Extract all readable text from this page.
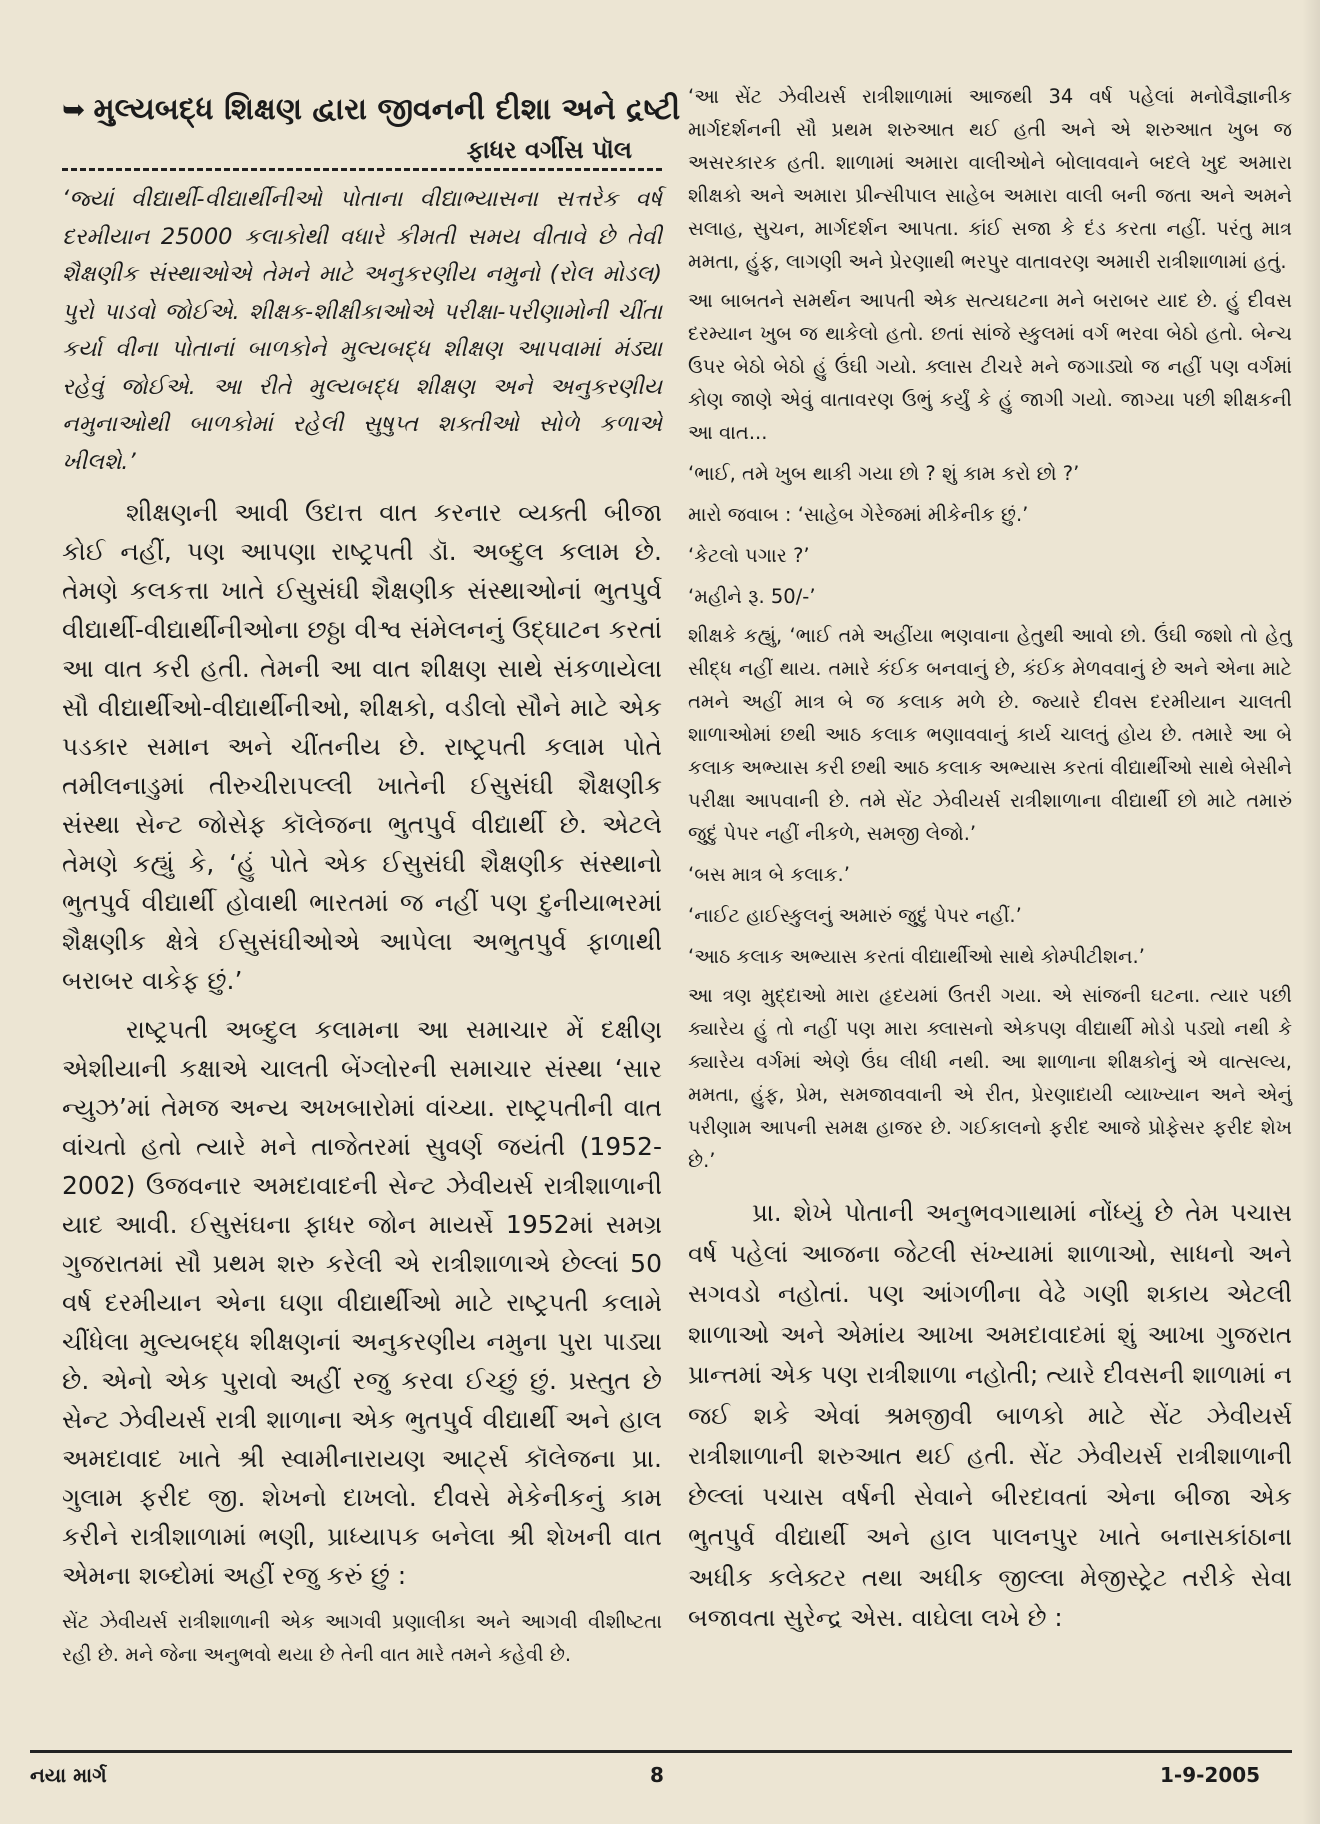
➥ મુલ્યબદ્ધ શિક્ષણ દ્વારા જીવનની દીશા અને દ્રષ્ટી
ફાધર વર્ગીસ પૉલ

‘જ્યાં વીદ્યાર્થી-વીદ્યાર્થીનીઓ પોતાના વીદ્યાભ્યાસના સત્તરેક વર્ષ દરમીયાન 25000 કલાકોથી વધારે કીમતી સમય વીતાવે છે તેવી શૈક્ષણીક સંસ્થાઓએ તેમને માટે અનુકરણીય નમુનો (રોલ મોડલ) પુરો પાડવો જોઈએ. શીક્ષક-શીક્ષીકાઓએ પરીક્ષા-પરીણામોની ચીંતા કર્યા વીના પોતાનાં બાળકોને મુલ્યબદ્ધ શીક્ષણ આપવામાં મંડ્યા રહેવું જોઈએ. આ રીતે મુલ્યબદ્ધ શીક્ષણ અને અનુકરણીય નમુનાઓથી બાળકોમાં રહેલી સુષુપ્ત શક્તીઓ સોળે કળાએ ખીલશે.’

શીક્ષણની આવી ઉદાત્ત વાત કરનાર વ્યક્તી બીજા કોઈ નહીં, પણ આપણા રાષ્ટ્રપતી ડૉ. અબ્દુલ કલામ છે. તેમણે કલકત્તા ખાતે ઈસુસંઘી શૈક્ષણીક સંસ્થાઓનાં ભુતપુર્વ વીદ્યાર્થી-વીદ્યાર્થીનીઓના છઠ્ઠા વીશ્વ સંમેલનનું ઉદ્ઘાટન કરતાં આ વાત કરી હતી. તેમની આ વાત શીક્ષણ સાથે સંકળાયેલા સૌ વીદ્યાર્થીઓ-વીદ્યાર્થીનીઓ, શીક્ષકો, વડીલો સૌને માટે એક પડકાર સમાન અને ચીંતનીય છે. રાષ્ટ્રપતી કલામ પોતે તમીલનાડુમાં તીરુચીરાપલ્લી ખાતેની ઈસુસંઘી શૈક્ષણીક સંસ્થા સેન્ટ જોસેફ કૉલેજના ભુતપુર્વ વીદ્યાર્થી છે. એટલે તેમણે કહ્યું કે, ‘હું પોતે એક ઈસુસંઘી શૈક્ષણીક સંસ્થાનો ભુતપુર્વ વીદ્યાર્થી હોવાથી ભારતમાં જ નહીં પણ દુનીયાભરમાં શૈક્ષણીક ક્ષેત્રે ઈસુસંઘીઓએ આપેલા અભુતપુર્વ ફાળાથી બરાબર વાકેફ છું.’

રાષ્ટ્રપતી અબ્દુલ કલામના આ સમાચાર મેં દક્ષીણ એશીયાની કક્ષાએ ચાલતી બેંગ્લોરની સમાચાર સંસ્થા ‘સાર ન્યુઝ’માં તેમજ અન્ય અખબારોમાં વાંચ્યા. રાષ્ટ્રપતીની વાત વાંચતો હતો ત્યારે મને તાજેતરમાં સુવર્ણ જયંતી (1952-2002) ઉજવનાર અમદાવાદની સેન્ટ ઝેવીયર્સ રાત્રીશાળાની યાદ આવી. ઈસુસંઘના ફાધર જોન માયર્સે 1952માં સમગ્ર ગુજરાતમાં સૌ પ્રથમ શરુ કરેલી એ રાત્રીશાળાએ છેલ્લાં 50 વર્ષ દરમીયાન એના ઘણા વીદ્યાર્થીઓ માટે રાષ્ટ્રપતી કલામે ચીંધેલા મુલ્યબદ્ધ શીક્ષણનાં અનુકરણીય નમુના પુરા પાડ્યા છે. એનો એક પુરાવો અહીં રજુ કરવા ઈચ્છું છું. પ્રસ્તુત છે સેન્ટ ઝેવીયર્સ રાત્રી શાળાના એક ભુતપુર્વ વીદ્યાર્થી અને હાલ અમદાવાદ ખાતે શ્રી સ્વામીનારાયણ આર્ટ્સ કૉલેજના પ્રા. ગુલામ ફરીદ જી. શેખનો દાખલો. દીવસે મેકેનીકનું કામ કરીને રાત્રીશાળામાં ભણી, પ્રાધ્યાપક બનેલા શ્રી શેખની વાત એમના શબ્દોમાં અહીં રજુ કરું છું :

સેંટ ઝેવીયર્સ રાત્રીશાળાની એક આગવી પ્રણાલીકા અને આગવી વીશીષ્ટતા રહી છે. મને જેના અનુભવો થયા છે તેની વાત મારે તમને કહેવી છે.

‘આ સેંટ ઝેવીયર્સ રાત્રીશાળામાં આજથી 34 વર્ષ પહેલાં મનોવૈજ્ઞાનીક માર્ગદર્શનની સૌ પ્રથમ શરુઆત થઈ હતી અને એ શરુઆત ખુબ જ અસરકારક હતી. શાળામાં અમારા વાલીઓને બોલાવવાને બદલે ખુદ અમારા શીક્ષકો અને અમારા પ્રીન્સીપાલ સાહેબ અમારા વાલી બની જતા અને અમને સલાહ, સુચન, માર્ગદર્શન આપતા. કાંઈ સજા કે દંડ કરતા નહીં. પરંતુ માત્ર મમતા, હુંફ, લાગણી અને પ્રેરણાથી ભરપુર વાતાવરણ અમારી રાત્રીશાળામાં હતું.

આ બાબતને સમર્થન આપતી એક સત્યઘટના મને બરાબર યાદ છે. હું દીવસ દરમ્યાન ખુબ જ થાકેલો હતો. છતાં સાંજે સ્કુલમાં વર્ગ ભરવા બેઠો હતો. બેન્ચ ઉપર બેઠો બેઠો હું ઉંઘી ગયો. ક્લાસ ટીચરે મને જગાડ્યો જ નહીં પણ વર્ગમાં કોણ જાણે એવું વાતાવરણ ઉભું કર્યું કે હું જાગી ગયો. જાગ્યા પછી શીક્ષકની આ વાત...

‘ભાઈ, તમે ખુબ થાકી ગયા છો ? શું કામ કરો છો ?’

મારો જવાબ : ‘સાહેબ ગેરેજમાં મીકેનીક છું.’

‘કેટલો પગાર ?’

‘મહીને રૂ. 50/-’

શીક્ષકે કહ્યું, ‘ભાઈ તમે અહીંયા ભણવાના હેતુથી આવો છો. ઉંઘી જશો તો હેતુ સીદ્ધ નહીં થાય. તમારે કંઈક બનવાનું છે, કંઈક મેળવવાનું છે અને એના માટે તમને અહીં માત્ર બે જ કલાક મળે છે. જ્યારે દીવસ દરમીયાન ચાલતી શાળાઓમાં છથી આઠ કલાક ભણાવવાનું કાર્ય ચાલતું હોય છે. તમારે આ બે કલાક અભ્યાસ કરી છથી આઠ કલાક અભ્યાસ કરતાં વીદ્યાર્થીઓ સાથે બેસીને પરીક્ષા આપવાની છે. તમે સેંટ ઝેવીયર્સ રાત્રીશાળાના વીદ્યાર્થી છો માટે તમારું જુદું પેપર નહીં નીકળે, સમજી લેજો.’

‘બસ માત્ર બે કલાક.’

‘નાઈટ હાઈસ્કુલનું અમારું જુદું પેપર નહીં.’

‘આઠ કલાક અભ્યાસ કરતાં વીદ્યાર્થીઓ સાથે કોમ્પીટીશન.’

આ ત્રણ મુદ્દાઓ મારા હૃદયમાં ઉતરી ગયા. એ સાંજની ઘટના. ત્યાર પછી ક્યારેય હું તો નહીં પણ મારા ક્લાસનો એકપણ વીદ્યાર્થી મોડો પડ્યો નથી કે ક્યારેય વર્ગમાં એણે ઉંઘ લીધી નથી. આ શાળાના શીક્ષકોનું એ વાત્સલ્ય, મમતા, હુંફ, પ્રેમ, સમજાવવાની એ રીત, પ્રેરણાદાયી વ્યાખ્યાન અને એનું પરીણામ આપની સમક્ષ હાજર છે. ગઈકાલનો ફરીદ આજે પ્રોફેસર ફરીદ શેખ છે.’

પ્રા. શેખે પોતાની અનુભવગાથામાં નોંધ્યું છે તેમ પચાસ વર્ષ પહેલાં આજના જેટલી સંખ્યામાં શાળાઓ, સાધનો અને સગવડો નહોતાં. પણ આંગળીના વેઢે ગણી શકાય એટલી શાળાઓ અને એમાંય આખા અમદાવાદમાં શું આખા ગુજરાત પ્રાન્તમાં એક પણ રાત્રીશાળા નહોતી; ત્યારે દીવસની શાળામાં ન જઈ શકે એવાં શ્રમજીવી બાળકો માટે સેંટ ઝેવીયર્સ રાત્રીશાળાની શરુઆત થઈ હતી. સેંટ ઝેવીયર્સ રાત્રીશાળાની છેલ્લાં પચાસ વર્ષની સેવાને બીરદાવતાં એના બીજા એક ભુતપુર્વ વીદ્યાર્થી અને હાલ પાલનપુર ખાતે બનાસકાંઠાના અધીક કલેક્ટર તથા અધીક જીલ્લા મેજીસ્ટ્રેટ તરીકે સેવા બજાવતા સુરેન્દ્ર એસ. વાઘેલા લખે છે :

નયા માર્ગ	8	1-9-2005
